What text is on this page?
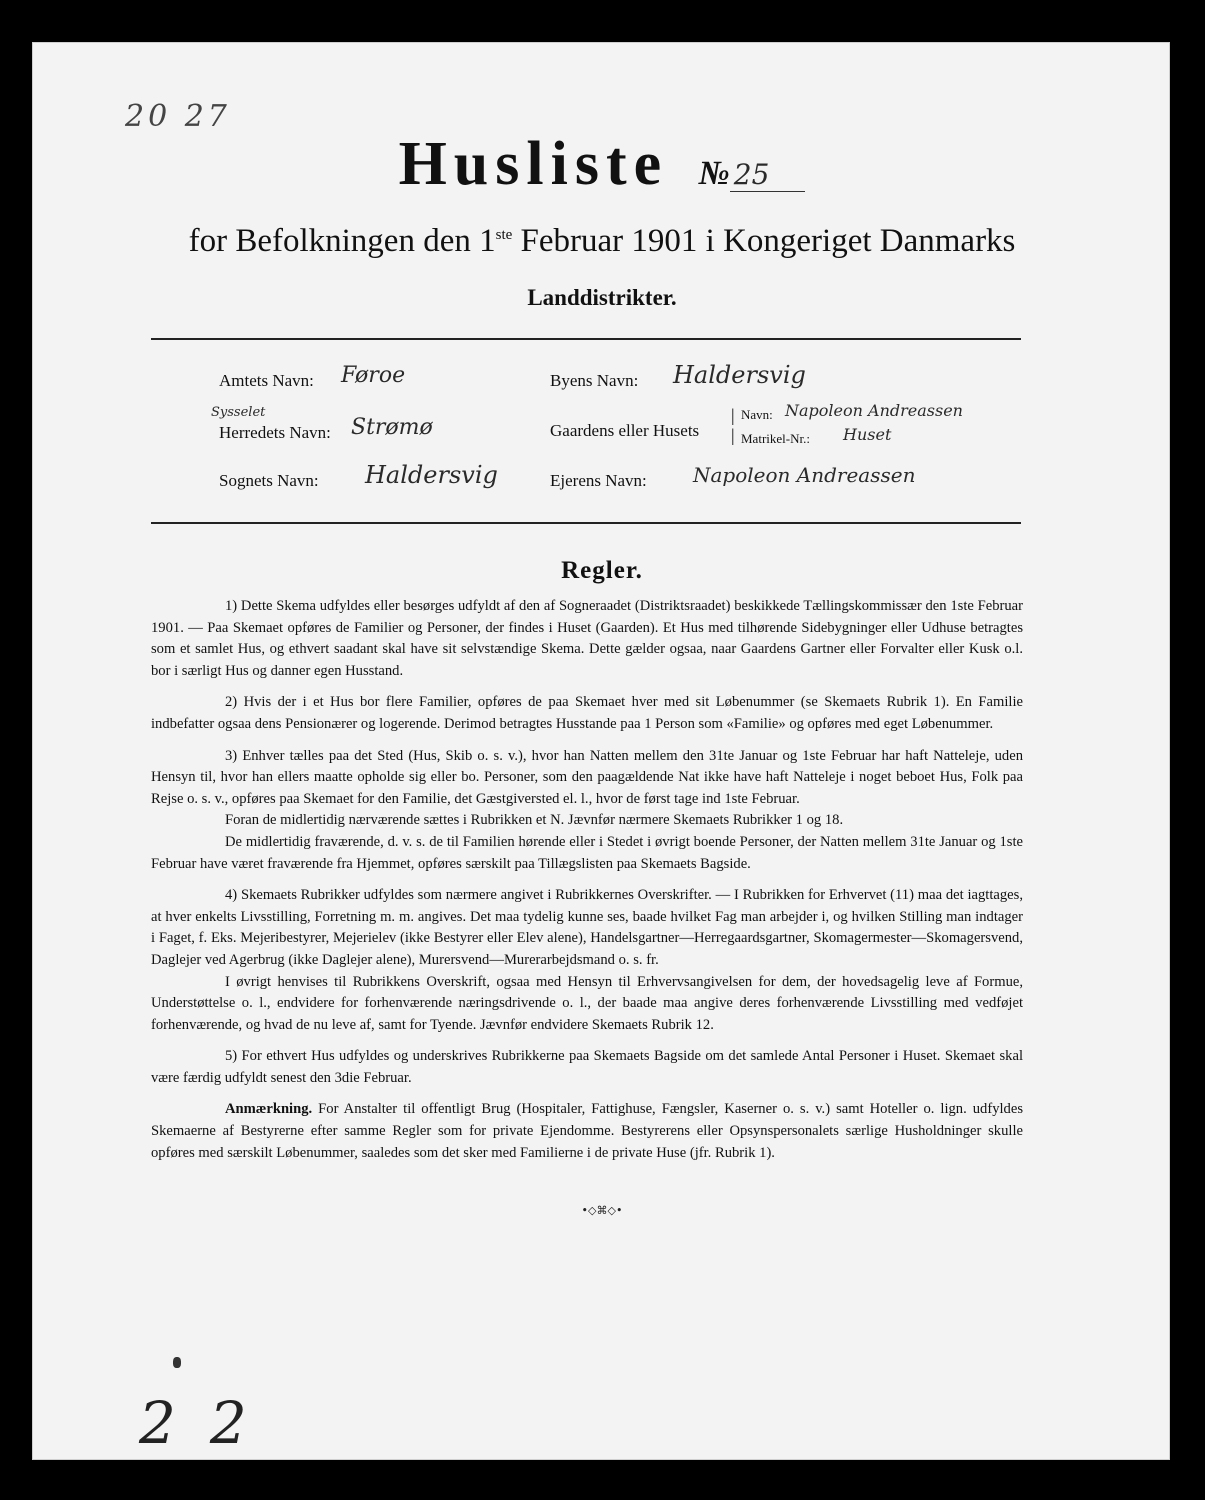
20 27
Husliste № 25
for Befolkningen den 1ste Februar 1901 i Kongeriget Danmarks
Landdistrikter.
Amtets Navn: Føroe
Sysselet
Herredets Navn: Strømø
Sognets Navn: Haldersvig
Byens Navn: Haldersvig
Gaardens eller Husets
|
|
Navn: Napoleon Andreassen
Matrikel-Nr.: Huset
Ejerens Navn: Napoleon Andreassen
Regler.

1) Dette Skema udfyldes eller besørges udfyldt af den af Sogneraadet (Distriktsraadet) beskikkede Tællingskommissær den 1ste Februar 1901. — Paa Skemaet opføres de Familier og Personer, der findes i Huset (Gaarden). Et Hus med tilhørende Sidebygninger eller Udhuse betragtes som et samlet Hus, og ethvert saadant skal have sit selvstændige Skema. Dette gælder ogsaa, naar Gaardens Gartner eller Forvalter eller Kusk o.l. bor i særligt Hus og danner egen Husstand.

2) Hvis der i et Hus bor flere Familier, opføres de paa Skemaet hver med sit Løbenummer (se Skemaets Rubrik 1). En Familie indbefatter ogsaa dens Pensionærer og logerende. Derimod betragtes Husstande paa 1 Person som «Familie» og opføres med eget Løbenummer.

3) Enhver tælles paa det Sted (Hus, Skib o. s. v.), hvor han Natten mellem den 31te Januar og 1ste Februar har haft Natteleje, uden Hensyn til, hvor han ellers maatte opholde sig eller bo. Personer, som den paagældende Nat ikke have haft Natteleje i noget beboet Hus, Folk paa Rejse o. s. v., opføres paa Skemaet for den Familie, det Gæstgiversted el. l., hvor de først tage ind 1ste Februar.

Foran de midlertidig nærværende sættes i Rubrikken et N. Jævnfør nærmere Skemaets Rubrikker 1 og 18.

De midlertidig fraværende, d. v. s. de til Familien hørende eller i Stedet i øvrigt boende Personer, der Natten mellem 31te Januar og 1ste Februar have været fraværende fra Hjemmet, opføres særskilt paa Tillægslisten paa Skemaets Bagside.

4) Skemaets Rubrikker udfyldes som nærmere angivet i Rubrikkernes Overskrifter. — I Rubrikken for Erhvervet (11) maa det iagttages, at hver enkelts Livsstilling, Forretning m. m. angives. Det maa tydelig kunne ses, baade hvilket Fag man arbejder i, og hvilken Stilling man indtager i Faget, f. Eks. Mejeribestyrer, Mejerielev (ikke Bestyrer eller Elev alene), Handelsgartner—Herregaardsgartner, Skomagermester—Skomagersvend, Daglejer ved Agerbrug (ikke Daglejer alene), Murersvend—Murerarbejdsmand o. s. fr.

I øvrigt henvises til Rubrikkens Overskrift, ogsaa med Hensyn til Erhvervsangivelsen for dem, der hovedsagelig leve af Formue, Understøttelse o. l., endvidere for forhenværende næringsdrivende o. l., der baade maa angive deres forhenværende Livsstilling med vedføjet forhenværende, og hvad de nu leve af, samt for Tyende. Jævnfør endvidere Skemaets Rubrik 12.

5) For ethvert Hus udfyldes og underskrives Rubrikkerne paa Skemaets Bagside om det samlede Antal Personer i Huset. Skemaet skal være færdig udfyldt senest den 3die Februar.

Anmærkning. For Anstalter til offentligt Brug (Hospitaler, Fattighuse, Fængsler, Kaserner o. s. v.) samt Hoteller o. lign. udfyldes Skemaerne af Bestyrerne efter samme Regler som for private Ejendomme. Bestyrerens eller Opsynspersonalets særlige Husholdninger skulle opføres med særskilt Løbenummer, saaledes som det sker med Familierne i de private Huse (jfr. Rubrik 1).

•◇⌘◇•
22
